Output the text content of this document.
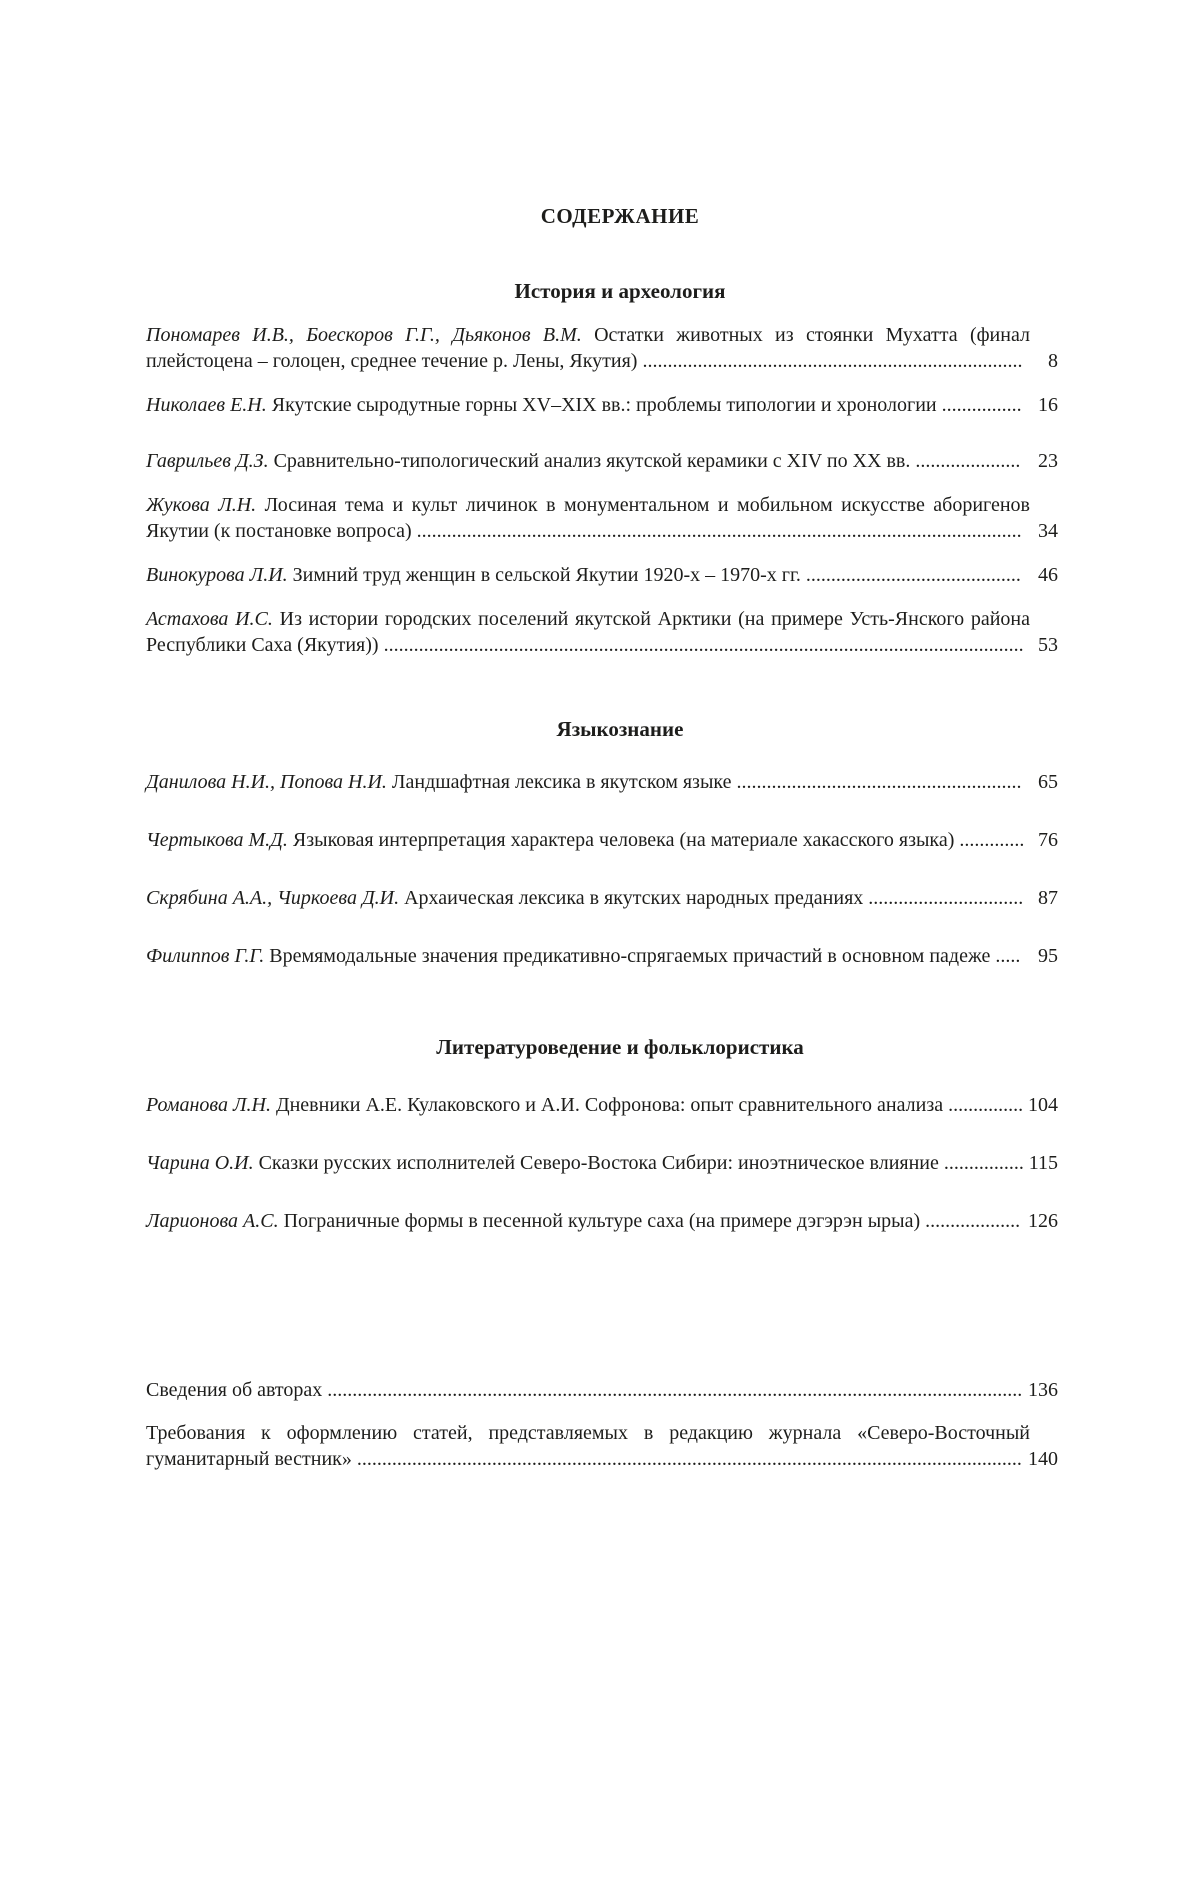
СОДЕРЖАНИЕ
История и археология

Пономарев И.В., Боескоров Г.Г., Дьяконов В.М. Остатки животных из стоянки Мухатта (финал плейстоцена – голоцен, среднее течение р. Лены, Якутия) ............................................................................	8

Николаев Е.Н. Якутские сыродутные горны XV–XIX вв.: проблемы типологии и хронологии ................ 16

Гаврильев Д.З. Сравнительно-типологический анализ якутской керамики с XIV по XX вв. ..................... 23

Жукова Л.Н. Лосиная тема и культ личинок в монументальном и мобильном искусстве аборигенов Якутии (к постановке вопроса) ......................................................................................................................... 34

Винокурова Л.И. Зимний труд женщин в сельской Якутии 1920-х – 1970-х гг. ........................................... 46

Астахова И.С. Из истории городских поселений якутской Арктики (на примере Усть-Янского района Республики Саха (Якутия)) ................................................................................................................................ 53

Языкознание

Данилова Н.И., Попова Н.И. Ландшафтная лексика в якутском языке ......................................................... 65

Чертыкова М.Д. Языковая интерпретация характера человека (на материале хакасского языка) ............. 76

Скрябина А.А., Чиркоева Д.И. Архаическая лексика в якутских народных преданиях ............................... 87

Филиппов Г.Г. Времямодальные значения предикативно-спрягаемых причастий в основном падеже ..... 95

Литературоведение и фольклористика

Романова Л.Н. Дневники А.Е. Кулаковского и А.И. Софронова: опыт сравнительного анализа ............... 104

Чарина О.И. Сказки русских исполнителей Северо-Востока Сибири: иноэтническое влияние ................ 115

Ларионова А.С. Пограничные формы в песенной культуре саха (на примере дэгэрэн ырыа) ................... 126

Сведения об авторах ........................................................................................................................................... 136

Требования к оформлению статей, представляемых в редакцию журнала «Северо-Восточный гуманитарный вестник» ..................................................................................................................................... 140
